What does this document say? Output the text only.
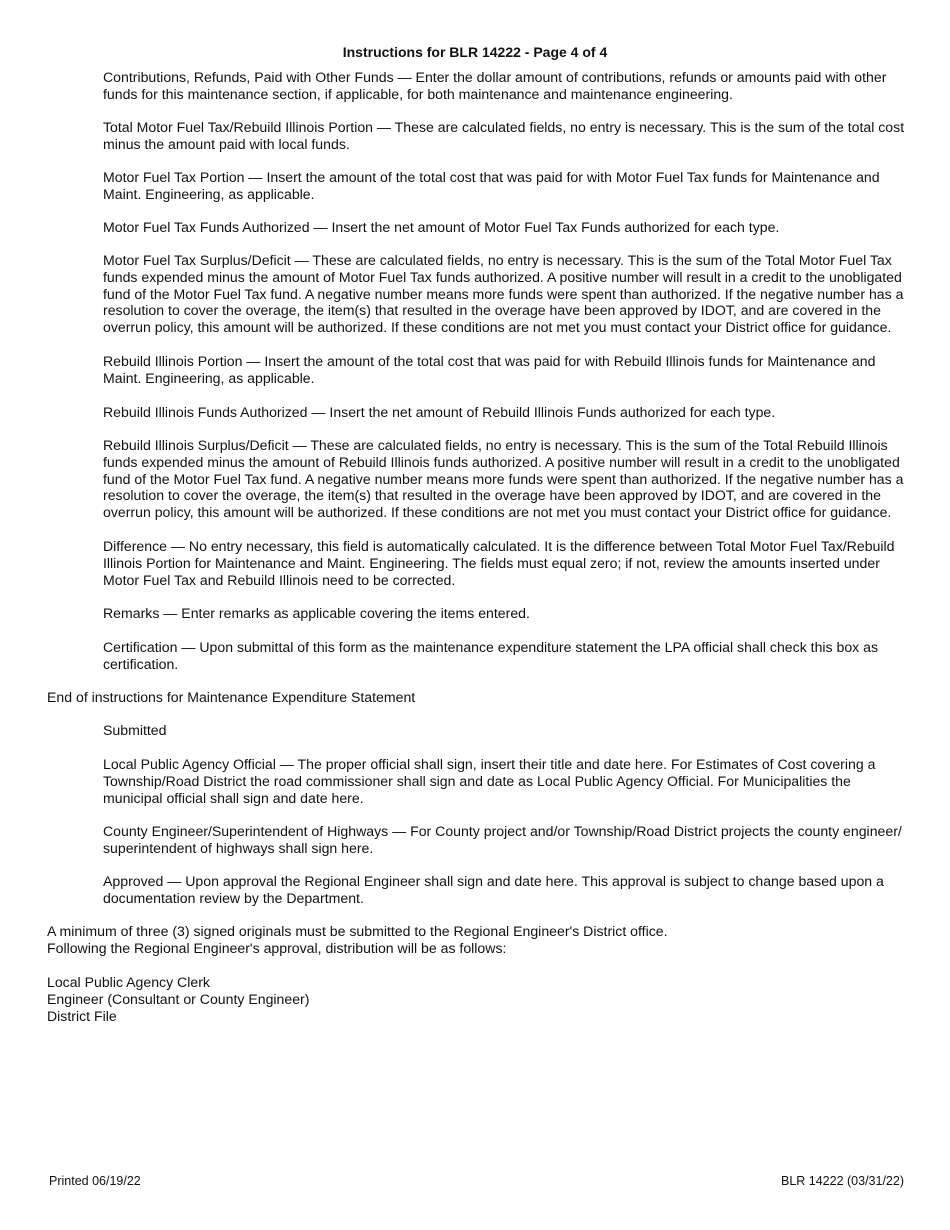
Instructions for BLR 14222 - Page 4 of 4

Contributions, Refunds, Paid with Other Funds — Enter the dollar amount of contributions, refunds or amounts paid with other funds for this maintenance section, if applicable, for both maintenance and maintenance engineering.

Total Motor Fuel Tax/Rebuild Illinois Portion — These are calculated fields, no entry is necessary. This is the sum of the total cost minus the amount paid with local funds.

Motor Fuel Tax Portion — Insert the amount of the total cost that was paid for with Motor Fuel Tax funds for Maintenance and Maint. Engineering, as applicable.

Motor Fuel Tax Funds Authorized — Insert the net amount of Motor Fuel Tax Funds authorized for each type.

Motor Fuel Tax Surplus/Deficit — These are calculated fields, no entry is necessary. This is the sum of the Total Motor Fuel Tax funds expended minus the amount of Motor Fuel Tax funds authorized. A positive number will result in a credit to the unobligated fund of the Motor Fuel Tax fund. A negative number means more funds were spent than authorized. If the negative number has a resolution to cover the overage, the item(s) that resulted in the overage have been approved by IDOT, and are covered in the overrun policy, this amount will be authorized. If these conditions are not met you must contact your District office for guidance.

Rebuild Illinois Portion — Insert the amount of the total cost that was paid for with Rebuild Illinois funds for Maintenance and Maint. Engineering, as applicable.

Rebuild Illinois Funds Authorized — Insert the net amount of Rebuild Illinois Funds authorized for each type.

Rebuild Illinois Surplus/Deficit — These are calculated fields, no entry is necessary. This is the sum of the Total Rebuild Illinois funds expended minus the amount of Rebuild Illinois funds authorized. A positive number will result in a credit to the unobligated fund of the Motor Fuel Tax fund. A negative number means more funds were spent than authorized. If the negative number has a resolution to cover the overage, the item(s) that resulted in the overage have been approved by IDOT, and are covered in the overrun policy, this amount will be authorized. If these conditions are not met you must contact your District office for guidance.

Difference — No entry necessary, this field is automatically calculated. It is the difference between Total Motor Fuel Tax/Rebuild Illinois Portion for Maintenance and Maint. Engineering. The fields must equal zero; if not, review the amounts inserted under Motor Fuel Tax and Rebuild Illinois need to be corrected.

Remarks — Enter remarks as applicable covering the items entered.

Certification — Upon submittal of this form as the maintenance expenditure statement the LPA official shall check this box as certification.

End of instructions for Maintenance Expenditure Statement

Submitted

Local Public Agency Official — The proper official shall sign, insert their title and date here. For Estimates of Cost covering a Township/Road District the road commissioner shall sign and date as Local Public Agency Official. For Municipalities the municipal official shall sign and date here.

County Engineer/Superintendent of Highways — For County project and/or Township/Road District projects the county engineer/ superintendent of highways shall sign here.

Approved — Upon approval the Regional Engineer shall sign and date here. This approval is subject to change based upon a documentation review by the Department.

A minimum of three (3) signed originals must be submitted to the Regional Engineer's District office.

Following the Regional Engineer's approval, distribution will be as follows:

Local Public Agency Clerk

Engineer (Consultant or County Engineer)

District File

Printed 06/19/22	BLR 14222 (03/31/22)
